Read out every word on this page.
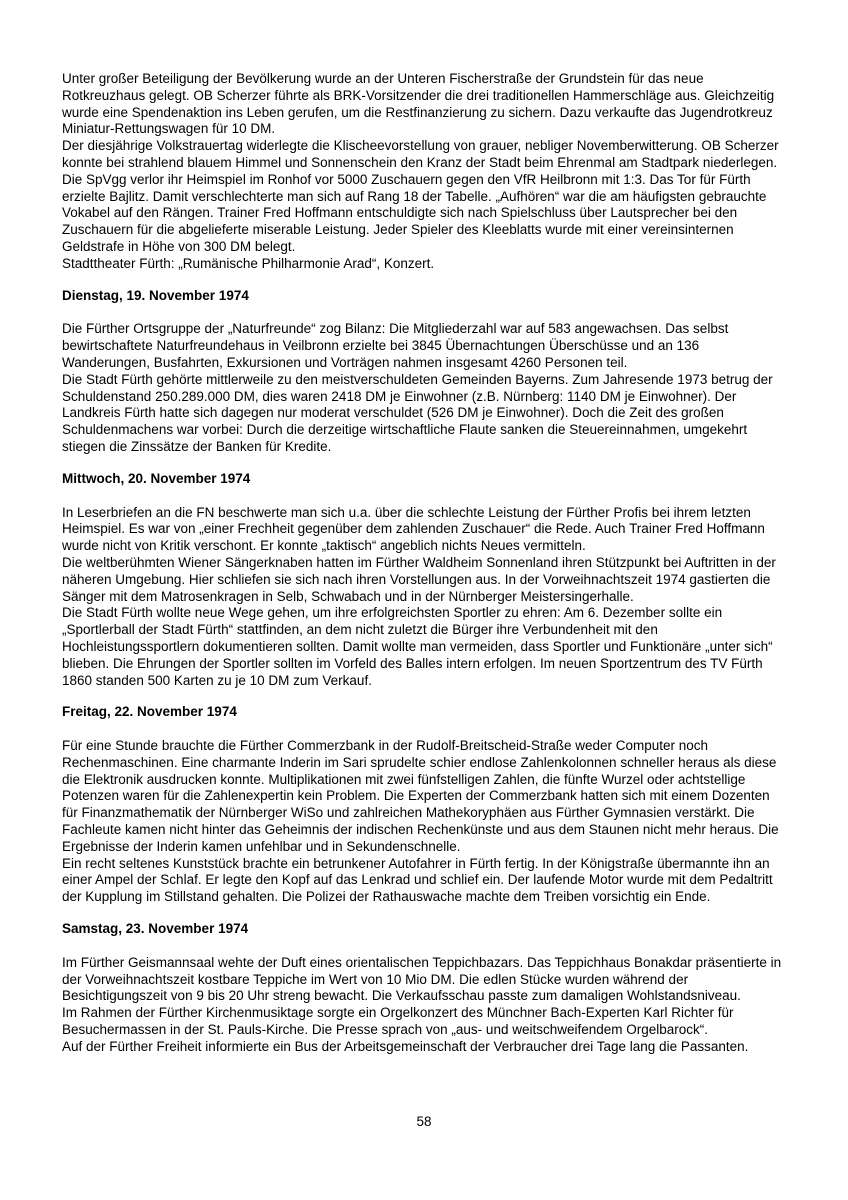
Unter großer Beteiligung der Bevölkerung wurde an der Unteren Fischerstraße der Grundstein für das neue Rotkreuzhaus gelegt. OB Scherzer führte als BRK-Vorsitzender die drei traditionellen Hammerschläge aus. Gleichzeitig wurde eine Spendenaktion ins Leben gerufen, um die Restfinanzierung zu sichern. Dazu verkaufte das Jugendrotkreuz Miniatur-Rettungswagen für 10 DM.

Der diesjährige Volkstrauertag widerlegte die Klischeevorstellung von grauer, nebliger Novemberwitterung. OB Scherzer konnte bei strahlend blauem Himmel und Sonnenschein den Kranz der Stadt beim Ehrenmal am Stadtpark niederlegen.

Die SpVgg verlor ihr Heimspiel im Ronhof vor 5000 Zuschauern gegen den VfR Heilbronn mit 1:3. Das Tor für Fürth erzielte Bajlitz. Damit verschlechterte man sich auf Rang 18 der Tabelle. „Aufhören“ war die am häufigsten gebrauchte Vokabel auf den Rängen. Trainer Fred Hoffmann entschuldigte sich nach Spielschluss über Lautsprecher bei den Zuschauern für die abgelieferte miserable Leistung. Jeder Spieler des Kleeblatts wurde mit einer vereinsinternen Geldstrafe in Höhe von 300 DM belegt.

Stadttheater Fürth: „Rumänische Philharmonie Arad“, Konzert.

Dienstag, 19. November 1974

Die Fürther Ortsgruppe der „Naturfreunde“ zog Bilanz: Die Mitgliederzahl war auf 583 angewachsen. Das selbst bewirtschaftete Naturfreundehaus in Veilbronn erzielte bei 3845 Übernachtungen Überschüsse und an 136 Wanderungen, Busfahrten, Exkursionen und Vorträgen nahmen insgesamt 4260 Personen teil.

Die Stadt Fürth gehörte mittlerweile zu den meistverschuldeten Gemeinden Bayerns. Zum Jahresende 1973 betrug der Schuldenstand 250.289.000 DM, dies waren 2418 DM je Einwohner (z.B. Nürnberg: 1140 DM je Einwohner). Der Landkreis Fürth hatte sich dagegen nur moderat verschuldet (526 DM je Einwohner). Doch die Zeit des großen Schuldenmachens war vorbei: Durch die derzeitige wirtschaftliche Flaute sanken die Steuereinnahmen, umgekehrt stiegen die Zinssätze der Banken für Kredite.

Mittwoch, 20. November 1974

In Leserbriefen an die FN beschwerte man sich u.a. über die schlechte Leistung der Fürther Profis bei ihrem letzten Heimspiel. Es war von „einer Frechheit gegenüber dem zahlenden Zuschauer“ die Rede. Auch Trainer Fred Hoffmann wurde nicht von Kritik verschont. Er konnte „taktisch“ angeblich nichts Neues vermitteln.

Die weltberühmten Wiener Sängerknaben hatten im Fürther Waldheim Sonnenland ihren Stützpunkt bei Auftritten in der näheren Umgebung. Hier schliefen sie sich nach ihren Vorstellungen aus. In der Vorweihnachtszeit 1974 gastierten die Sänger mit dem Matrosenkragen in Selb, Schwabach und in der Nürnberger Meistersingerhalle.

Die Stadt Fürth wollte neue Wege gehen, um ihre erfolgreichsten Sportler zu ehren: Am 6. Dezember sollte ein „Sportlerball der Stadt Fürth“ stattfinden, an dem nicht zuletzt die Bürger ihre Verbundenheit mit den Hochleistungssportlern dokumentieren sollten. Damit wollte man vermeiden, dass Sportler und Funktionäre „unter sich“ blieben. Die Ehrungen der Sportler sollten im Vorfeld des Balles intern erfolgen. Im neuen Sportzentrum des TV Fürth 1860 standen 500 Karten zu je 10 DM zum Verkauf.

Freitag, 22. November 1974

Für eine Stunde brauchte die Fürther Commerzbank in der Rudolf-Breitscheid-Straße weder Computer noch Rechenmaschinen. Eine charmante Inderin im Sari sprudelte schier endlose Zahlenkolonnen schneller heraus als diese die Elektronik ausdrucken konnte. Multiplikationen mit zwei fünfstelligen Zahlen, die fünfte Wurzel oder achtstellige Potenzen waren für die Zahlenexpertin kein Problem. Die Experten der Commerzbank hatten sich mit einem Dozenten für Finanzmathematik der Nürnberger WiSo und zahlreichen Mathekoryphäen aus Fürther Gymnasien verstärkt. Die Fachleute kamen nicht hinter das Geheimnis der indischen Rechenkünste und aus dem Staunen nicht mehr heraus. Die Ergebnisse der Inderin kamen unfehlbar und in Sekundenschnelle.

Ein recht seltenes Kunststück brachte ein betrunkener Autofahrer in Fürth fertig. In der Königstraße übermannte ihn an einer Ampel der Schlaf. Er legte den Kopf auf das Lenkrad und schlief ein. Der laufende Motor wurde mit dem Pedaltritt der Kupplung im Stillstand gehalten. Die Polizei der Rathauswache machte dem Treiben vorsichtig ein Ende.

Samstag, 23. November 1974

Im Fürther Geismannsaal wehte der Duft eines orientalischen Teppichbazars. Das Teppichhaus Bonakdar präsentierte in der Vorweihnachtszeit kostbare Teppiche im Wert von 10 Mio DM. Die edlen Stücke wurden während der Besichtigungszeit von 9 bis 20 Uhr streng bewacht. Die Verkaufsschau passte zum damaligen Wohlstandsniveau.

Im Rahmen der Fürther Kirchenmusiktage sorgte ein Orgelkonzert des Münchner Bach-Experten Karl Richter für Besuchermassen in der St. Pauls-Kirche. Die Presse sprach von „aus- und weitschweifendem Orgelbarock“.

Auf der Fürther Freiheit informierte ein Bus der Arbeitsgemeinschaft der Verbraucher drei Tage lang die Passanten.

58
